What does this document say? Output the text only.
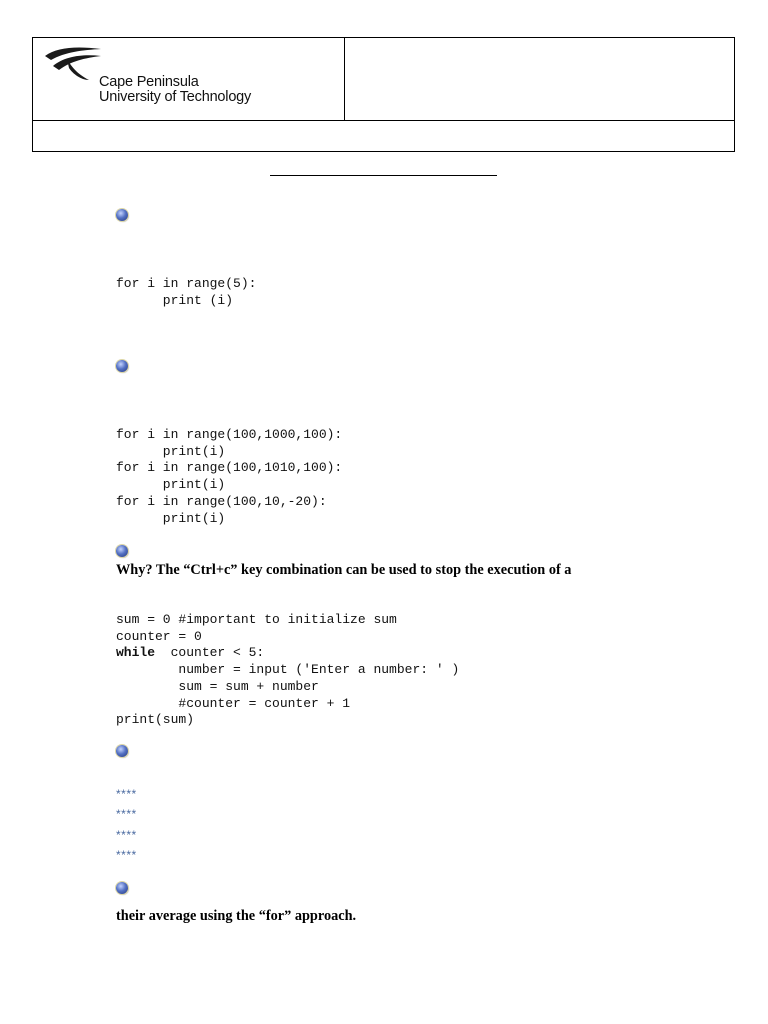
Cape Peninsula
University of Technology
for i in range(5):
print (i)
for i in range(100,1000,100):
print(i)
for i in range(100,1010,100):
print(i)
for i in range(100,10,-20):
print(i)
Why? The “Ctrl+c” key combination can be used to stop the execution of a
sum = 0 #important to initialize sum
counter = 0
while  counter < 5:
number = input ('Enter a number: ' )
sum = sum + number
#counter = counter + 1
print(sum)
****
****
****
****
their average using the “for” approach.
